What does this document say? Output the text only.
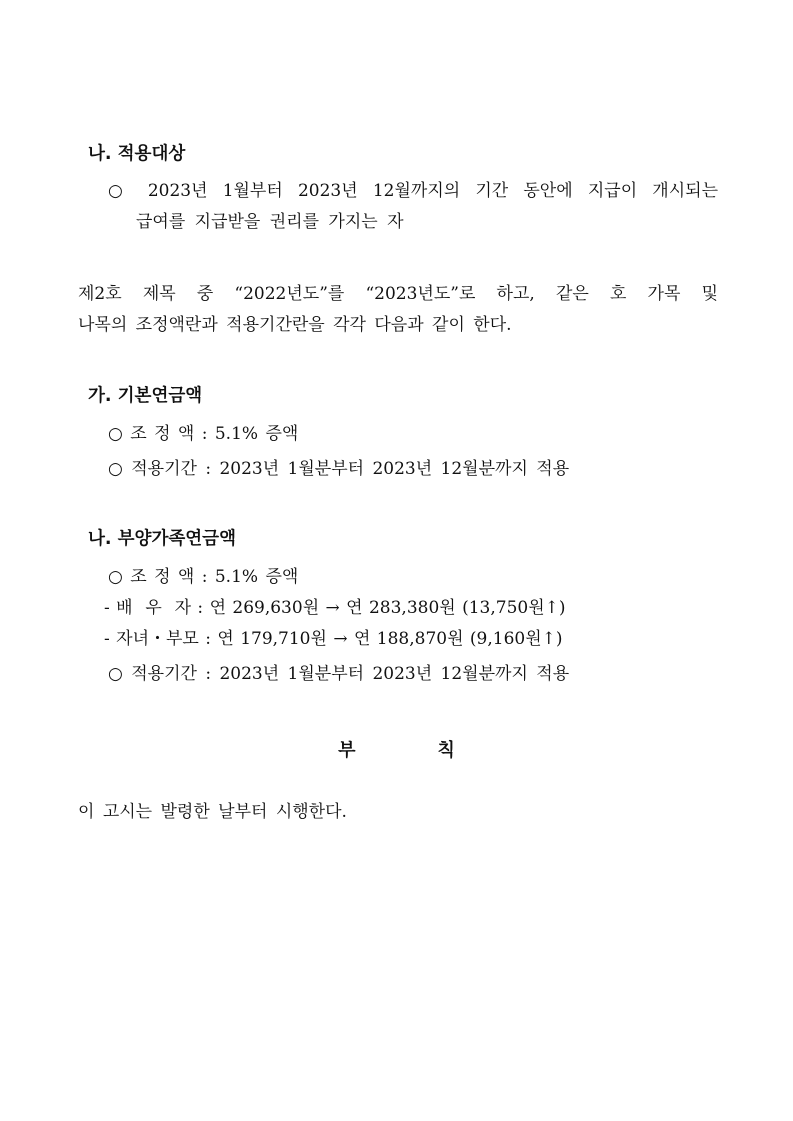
나. 적용대상
○ 2023년 1월부터 2023년 12월까지의 기간 동안에 지급이 개시되는
급여를 지급받을 권리를 가지는 자
제2호 제목 중 “2022년도”를 “2023년도”로 하고, 같은 호 가목 및
나목의 조정액란과 적용기간란을 각각 다음과 같이 한다.
가. 기본연금액
○ 조 정 액 : 5.1% 증액
○ 적용기간 : 2023년 1월분부터 2023년 12월분까지 적용
나. 부양가족연금액
○ 조 정 액 : 5.1% 증액
- 배  우  자 : 연 269,630원 → 연 283,380원 (13,750원↑)
- 자녀・부모 : 연 179,710원 → 연 188,870원 (9,160원↑)
○ 적용기간 : 2023년 1월분부터 2023년 12월분까지 적용
부	칙
이 고시는 발령한 날부터 시행한다.
